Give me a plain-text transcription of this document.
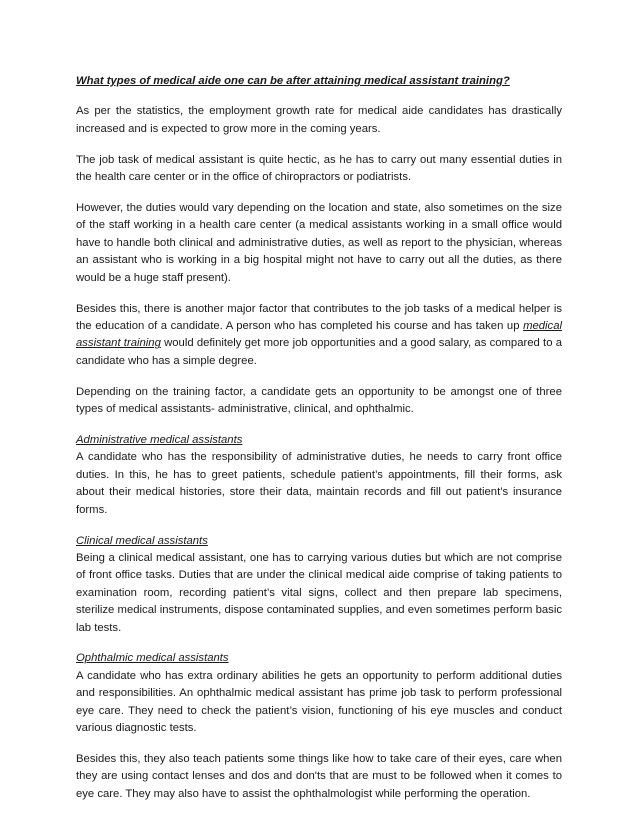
What types of medical aide one can be after attaining medical assistant training?

As per the statistics, the employment growth rate for medical aide candidates has drastically increased and is expected to grow more in the coming years.

The job task of medical assistant is quite hectic, as he has to carry out many essential duties in the health care center or in the office of chiropractors or podiatrists.

However, the duties would vary depending on the location and state, also sometimes on the size of the staff working in a health care center (a medical assistants working in a small office would have to handle both clinical and administrative duties, as well as report to the physician, whereas an assistant who is working in a big hospital might not have to carry out all the duties, as there would be a huge staff present).

Besides this, there is another major factor that contributes to the job tasks of a medical helper is the education of a candidate. A person who has completed his course and has taken up medical assistant training would definitely get more job opportunities and a good salary, as compared to a candidate who has a simple degree.

Depending on the training factor, a candidate gets an opportunity to be amongst one of three types of medical assistants- administrative, clinical, and ophthalmic.

Administrative medical assistants
A candidate who has the responsibility of administrative duties, he needs to carry front office duties. In this, he has to greet patients, schedule patient’s appointments, fill their forms, ask about their medical histories, store their data, maintain records and fill out patient’s insurance forms.

Clinical medical assistants
Being a clinical medical assistant, one has to carrying various duties but which are not comprise of front office tasks. Duties that are under the clinical medical aide comprise of taking patients to examination room, recording patient’s vital signs, collect and then prepare lab specimens, sterilize medical instruments, dispose contaminated supplies, and even sometimes perform basic lab tests.

Ophthalmic medical assistants
A candidate who has extra ordinary abilities he gets an opportunity to perform additional duties and responsibilities. An ophthalmic medical assistant has prime job task to perform professional eye care. They need to check the patient’s vision, functioning of his eye muscles and conduct various diagnostic tests.

Besides this, they also teach patients some things like how to take care of their eyes, care when they are using contact lenses and dos and don'ts that are must to be followed when it comes to eye care. They may also have to assist the ophthalmologist while performing the operation.
